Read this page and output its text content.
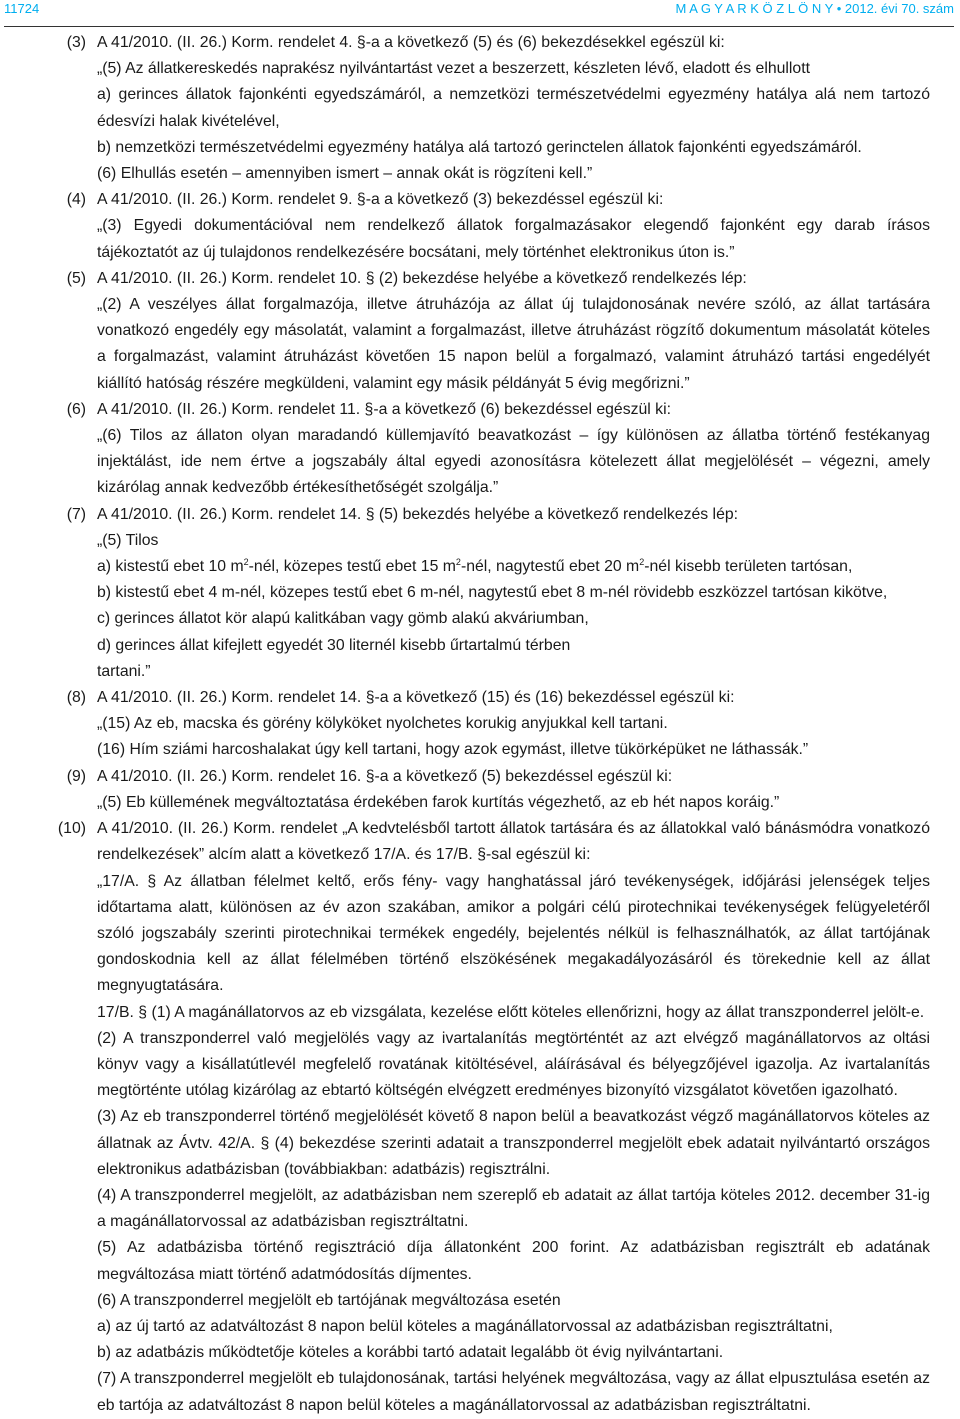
11724	M A G Y A R K Ö Z L Ö N Y • 2012. évi 70. szám
(3) A 41/2010. (II. 26.) Korm. rendelet 4. §-a a következő (5) és (6) bekezdésekkel egészül ki:
„(5) Az állatkereskedés naprakész nyilvántartást vezet a beszerzett, készleten lévő, eladott és elhullott
a) gerinces állatok fajonkénti egyedszámáról, a nemzetközi természetvédelmi egyezmény hatálya alá nem tartozó édesvízi halak kivételével,
b) nemzetközi természetvédelmi egyezmény hatálya alá tartozó gerinctelen állatok fajonkénti egyedszámáról.
(6) Elhullás esetén – amennyiben ismert – annak okát is rögzíteni kell.”
(4) A 41/2010. (II. 26.) Korm. rendelet 9. §-a a következő (3) bekezdéssel egészül ki:
„(3) Egyedi dokumentációval nem rendelkező állatok forgalmazásakor elegendő fajonként egy darab írásos tájékoztatót az új tulajdonos rendelkezésére bocsátani, mely történhet elektronikus úton is.”
(5) A 41/2010. (II. 26.) Korm. rendelet 10. § (2) bekezdése helyébe a következő rendelkezés lép:
„(2) A veszélyes állat forgalmazója, illetve átruházója az állat új tulajdonosának nevére szóló, az állat tartására vonatkozó engedély egy másolatát, valamint a forgalmazást, illetve átruházást rögzítő dokumentum másolatát köteles a forgalmazást, valamint átruházást követően 15 napon belül a forgalmazó, valamint átruházó tartási engedélyét kiállító hatóság részére megküldeni, valamint egy másik példányát 5 évig megőrizni.”
(6) A 41/2010. (II. 26.) Korm. rendelet 11. §-a a következő (6) bekezdéssel egészül ki:
„(6) Tilos az állaton olyan maradandó küllemjavító beavatkozást – így különösen az állatba történő festékanyag injektálást, ide nem értve a jogszabály által egyedi azonosításra kötelezett állat megjelölését – végezni, amely kizárólag annak kedvezőbb értékesíthetőségét szolgálja.”
(7) A 41/2010. (II. 26.) Korm. rendelet 14. § (5) bekezdés helyébe a következő rendelkezés lép:
„(5) Tilos
a) kistestű ebet 10 $m^2$-nél, közepes testű ebet 15 $m^2$-nél, nagytestű ebet 20 $m^2$-nél kisebb területen tartósan,
b) kistestű ebet 4 m-nél, közepes testű ebet 6 m-nél, nagytestű ebet 8 m-nél rövidebb eszközzel tartósan kikötve,
c) gerinces állatot kör alapú kalitkában vagy gömb alakú akváriumban,
d) gerinces állat kifejlett egyedét 30 liternél kisebb űrtartalmú térben
tartani.”
(8) A 41/2010. (II. 26.) Korm. rendelet 14. §-a a következő (15) és (16) bekezdéssel egészül ki:
„(15) Az eb, macska és görény kölyköket nyolchetes korukig anyjukkal kell tartani.
(16) Hím sziámi harcoshalakat úgy kell tartani, hogy azok egymást, illetve tükörképüket ne láthassák.”
(9) A 41/2010. (II. 26.) Korm. rendelet 16. §-a a következő (5) bekezdéssel egészül ki:
„(5) Eb küllemének megváltoztatása érdekében farok kurtítás végezhető, az eb hét napos koráig.”
(10) A 41/2010. (II. 26.) Korm. rendelet „A kedvtelésből tartott állatok tartására és az állatokkal való bánásmódra vonatkozó rendelkezések” alcím alatt a következő 17/A. és 17/B. §-sal egészül ki:
„17/A. § Az állatban félelmet keltő, erős fény- vagy hanghatással járó tevékenységek, időjárási jelenségek teljes időtartama alatt, különösen az év azon szakában, amikor a polgári célú pirotechnikai tevékenységek felügyeletéről szóló jogszabály szerinti pirotechnikai termékek engedély, bejelentés nélkül is felhasználhatók, az állat tartójának gondoskodnia kell az állat félelmében történő elszökésének megakadályozásáról és törekednie kell az állat megnyugtatására.
17/B. § (1) A magánállatorvos az eb vizsgálata, kezelése előtt köteles ellenőrizni, hogy az állat transzponderrel jelölt-e.
(2) A transzponderrel való megjelölés vagy az ivartalanítás megtörténtét az azt elvégző magánállatorvos az oltási könyv vagy a kisállatútlevél megfelelő rovatának kitöltésével, aláírásával és bélyegzőjével igazolja. Az ivartalanítás megtörténte utólag kizárólag az ebtartó költségén elvégzett eredményes bizonyító vizsgálatot követően igazolható.
(3) Az eb transzponderrel történő megjelölését követő 8 napon belül a beavatkozást végző magánállatorvos köteles az állatnak az Ávtv. 42/A. § (4) bekezdése szerinti adatait a transzponderrel megjelölt ebek adatait nyilvántartó országos elektronikus adatbázisban (továbbiakban: adatbázis) regisztrálni.
(4) A transzponderrel megjelölt, az adatbázisban nem szereplő eb adatait az állat tartója köteles 2012. december 31-ig a magánállatorvossal az adatbázisban regisztráltatni.
(5) Az adatbázisba történő regisztráció díja állatonként 200 forint. Az adatbázisban regisztrált eb adatának megváltozása miatt történő adatmódosítás díjmentes.
(6) A transzponderrel megjelölt eb tartójának megváltozása esetén
a) az új tartó az adatváltozást 8 napon belül köteles a magánállatorvossal az adatbázisban regisztráltatni,
b) az adatbázis működtetője köteles a korábbi tartó adatait legalább öt évig nyilvántartani.
(7) A transzponderrel megjelölt eb tulajdonosának, tartási helyének megváltozása, vagy az állat elpusztulása esetén az eb tartója az adatváltozást 8 napon belül köteles a magánállatorvossal az adatbázisban regisztráltatni.
